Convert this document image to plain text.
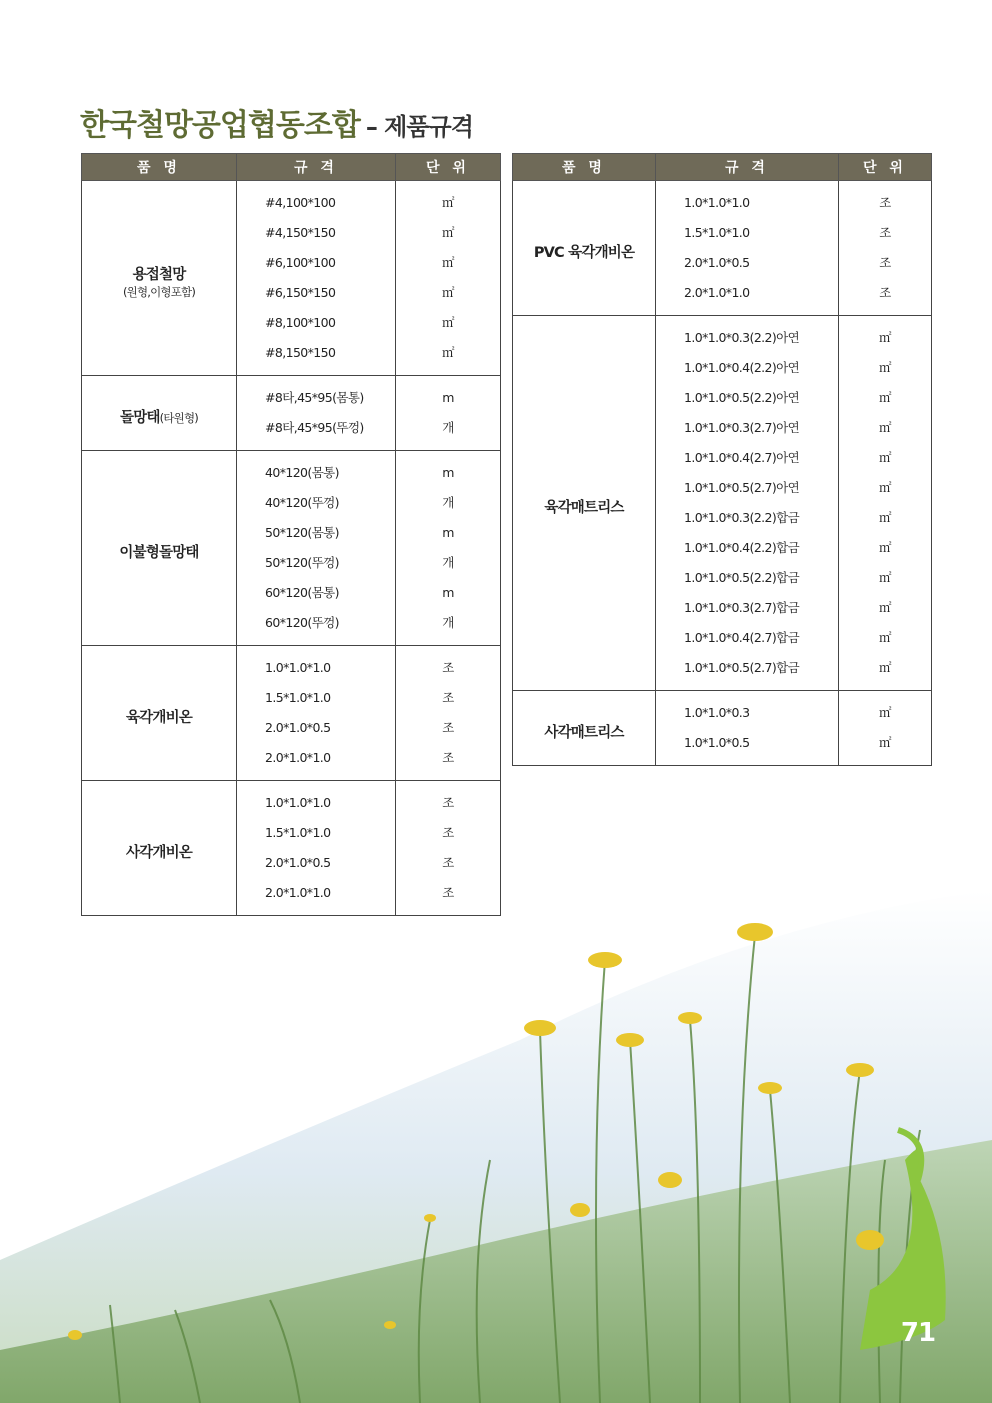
한국철망공업협동조합 – 제품규격
품 명	규 격	단 위
용접철망
(원형,이형포함)	#4,100*100	㎡
	#4,150*150	㎡
	#6,100*100	㎡
	#6,150*150	㎡
	#8,100*100	㎡
	#8,150*150	㎡
돌망태(타원형)	#8타,45*95(몸통)	m
	#8타,45*95(뚜껑)	개
이불형돌망태	40*120(몸통)	m
	40*120(뚜껑)	개
	50*120(몸통)	m
	50*120(뚜껑)	개
	60*120(몸통)	m
	60*120(뚜껑)	개
육각개비온	1.0*1.0*1.0	조
	1.5*1.0*1.0	조
	2.0*1.0*0.5	조
	2.0*1.0*1.0	조
사각개비온	1.0*1.0*1.0	조
	1.5*1.0*1.0	조
	2.0*1.0*0.5	조
	2.0*1.0*1.0	조
품 명	규 격	단 위
PVC 육각개비온	1.0*1.0*1.0	조
	1.5*1.0*1.0	조
	2.0*1.0*0.5	조
	2.0*1.0*1.0	조
육각매트리스	1.0*1.0*0.3(2.2)아연	㎡
	1.0*1.0*0.4(2.2)아연	㎡
	1.0*1.0*0.5(2.2)아연	㎡
	1.0*1.0*0.3(2.7)아연	㎡
	1.0*1.0*0.4(2.7)아연	㎡
	1.0*1.0*0.5(2.7)아연	㎡
	1.0*1.0*0.3(2.2)합금	㎡
	1.0*1.0*0.4(2.2)합금	㎡
	1.0*1.0*0.5(2.2)합금	㎡
	1.0*1.0*0.3(2.7)합금	㎡
	1.0*1.0*0.4(2.7)합금	㎡
	1.0*1.0*0.5(2.7)합금	㎡
사각매트리스	1.0*1.0*0.3	㎡
	1.0*1.0*0.5	㎡
71
